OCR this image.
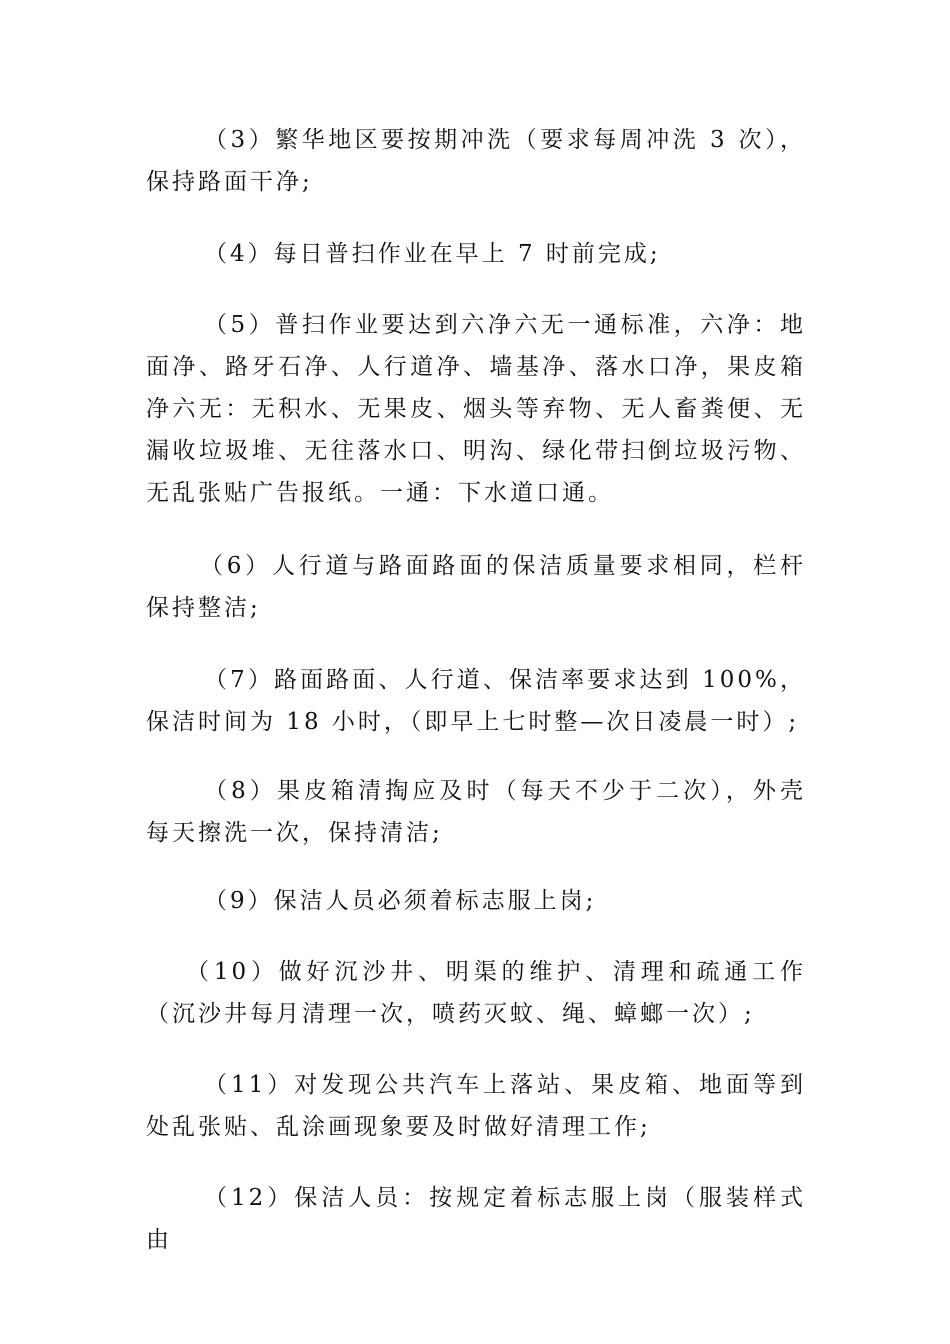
（3）繁华地区要按期冲洗（要求每周冲洗 3 次），保持路面干净;

（4）每日普扫作业在早上 7 时前完成;

（5）普扫作业要达到六净六无一通标准，六净：地面净、路牙石净、人行道净、墙基净、落水口净，果皮箱净六无：无积水、无果皮、烟头等弃物、无人畜粪便、无漏收垃圾堆、无往落水口、明沟、绿化带扫倒垃圾污物、无乱张贴广告报纸。一通：下水道口通。

（6）人行道与路面路面的保洁质量要求相同，栏杆保持整洁;

（7）路面路面、人行道、保洁率要求达到 100%，保洁时间为 18 小时，（即早上七时整—次日凌晨一时）;

（8）果皮箱清掏应及时（每天不少于二次），外壳每天擦洗一次，保持清洁;

（9）保洁人员必须着标志服上岗;

（10）做好沉沙井、明渠的维护、清理和疏通工作（沉沙井每月清理一次，喷药灭蚊、绳、蟑螂一次）;

（11）对发现公共汽车上落站、果皮箱、地面等到处乱张贴、乱涂画现象要及时做好清理工作;

（12）保洁人员：按规定着标志服上岗（服装样式由
